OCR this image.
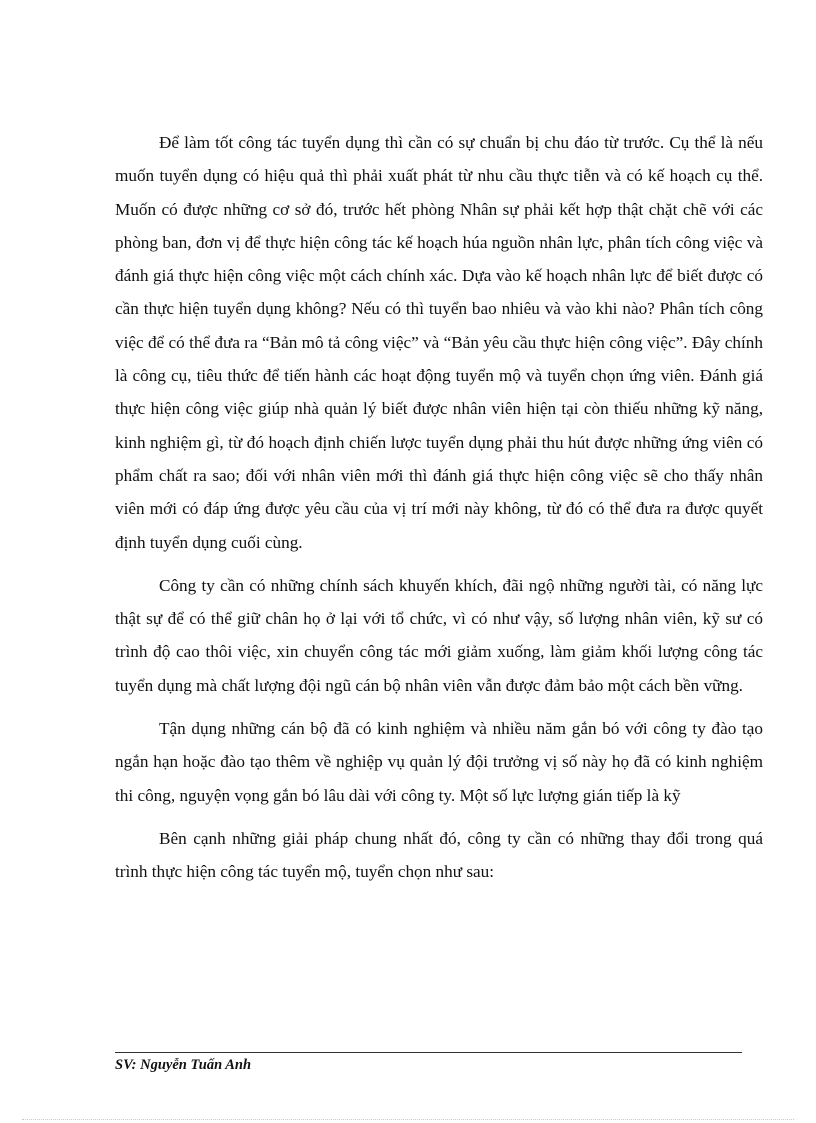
Để làm tốt công tác tuyển dụng thì cần có sự chuẩn bị chu đáo từ trước. Cụ thể là nếu muốn tuyển dụng có hiệu quả thì phải xuất phát từ nhu cầu thực tiễn và có kế hoạch cụ thể. Muốn có được những cơ sở đó, trước hết phòng Nhân sự phải kết hợp thật chặt chẽ với các phòng ban, đơn vị để thực hiện công tác kế hoạch húa nguồn nhân lực, phân tích công việc và đánh giá thực hiện công việc một cách chính xác. Dựa vào kế hoạch nhân lực để biết được có cần thực hiện tuyển dụng không? Nếu có thì tuyển bao nhiêu và vào khi nào? Phân tích công việc để có thể đưa ra “Bản mô tả công việc” và “Bản yêu cầu thực hiện công việc”. Đây chính là công cụ, tiêu thức để tiến hành các hoạt động tuyển mộ và tuyển chọn ứng viên. Đánh giá thực hiện công việc giúp nhà quản lý biết được nhân viên hiện tại còn thiếu những kỹ năng, kinh nghiệm gì, từ đó hoạch định chiến lược tuyển dụng phải thu hút được những ứng viên có phẩm chất ra sao; đối với nhân viên mới thì đánh giá thực hiện công việc sẽ cho thấy nhân viên mới có đáp ứng được yêu cầu của vị trí mới này không, từ đó có thể đưa ra được quyết định tuyển dụng cuối cùng.

Công ty cần có những chính sách khuyến khích, đãi ngộ những người tài, có năng lực thật sự để có thể giữ chân họ ở lại với tổ chức, vì có như vậy, số lượng nhân viên, kỹ sư có trình độ cao thôi việc, xin chuyển công tác mới giảm xuống, làm giảm khối lượng công tác tuyển dụng mà chất lượng đội ngũ cán bộ nhân viên vẫn được đảm bảo một cách bền vững.

Tận dụng những cán bộ đã có kinh nghiệm và nhiều năm gắn bó với công ty đào tạo ngắn hạn hoặc đào tạo thêm về nghiệp vụ quản lý đội trưởng vị số này họ đã có kinh nghiệm thi công, nguyện vọng gắn bó lâu dài với công ty. Một số lực lượng gián tiếp là kỹ

Bên cạnh những giải pháp chung nhất đó, công ty cần có những thay đổi trong quá trình thực hiện công tác tuyển mộ, tuyển chọn như sau:

SV: Nguyễn Tuấn Anh
